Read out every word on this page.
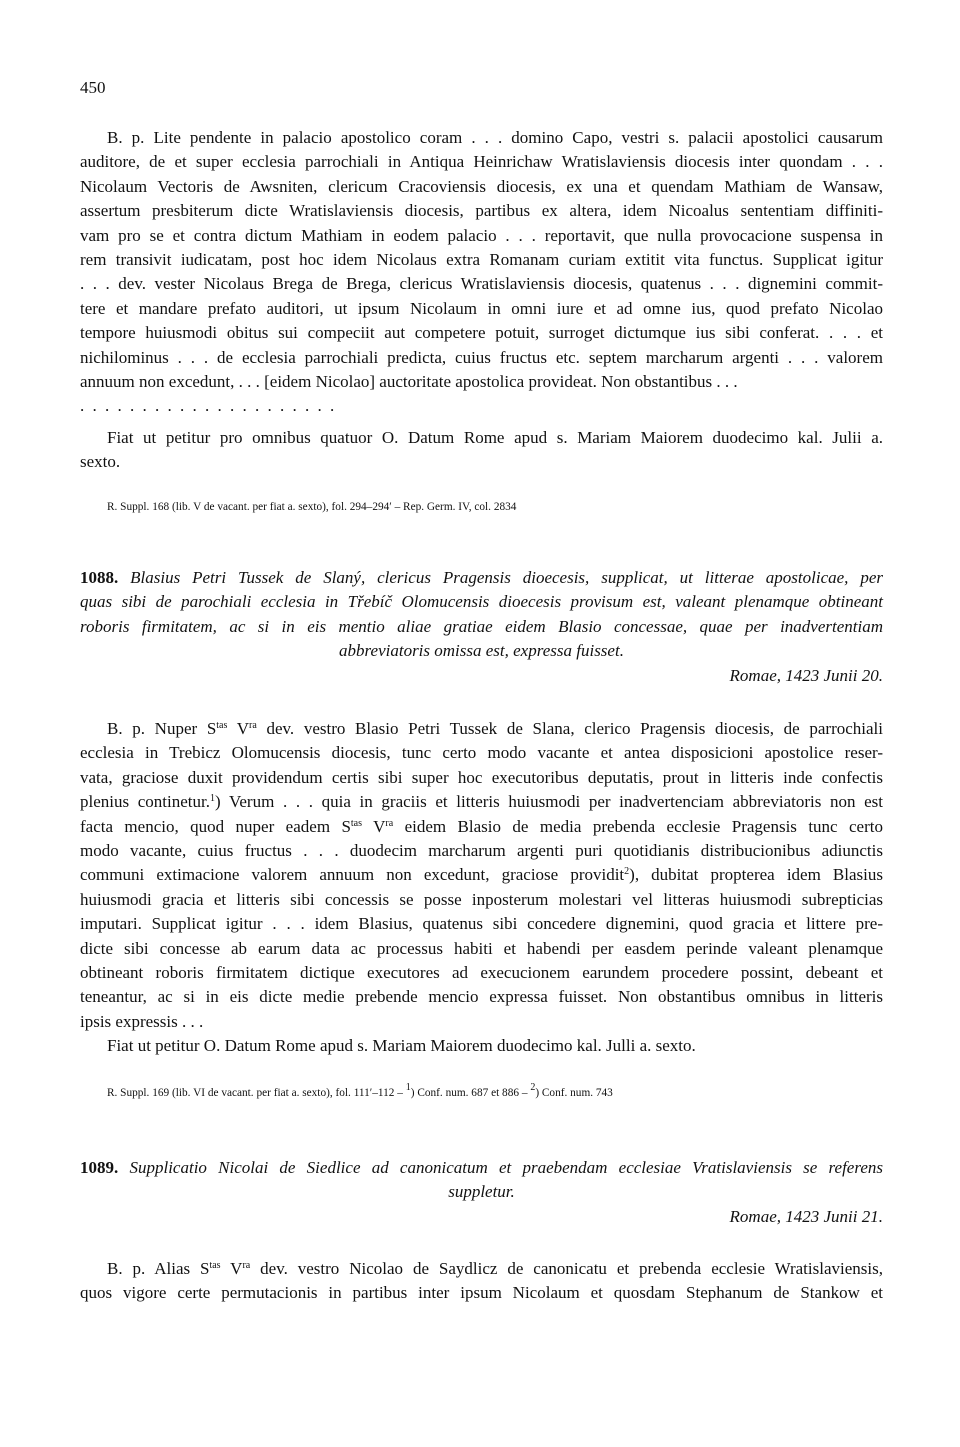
450

B. p. Lite pendente in palacio apostolico coram . . . domino Capo, vestri s. palacii apostolici causarum

auditore, de et super ecclesia parrochiali in Antiqua Heinrichaw Wratislaviensis diocesis inter quondam . . .

Nicolaum Vectoris de Awsniten, clericum Cracoviensis diocesis, ex una et quendam Mathiam de Wansaw,

assertum presbiterum dicte Wratislaviensis diocesis, partibus ex altera, idem Nicoalus sententiam diffiniti-

vam pro se et contra dictum Mathiam in eodem palacio . . . reportavit, que nulla provocacione suspensa in

rem transivit iudicatam, post hoc idem Nicolaus extra Romanam curiam extitit vita functus. Supplicat igitur

. . . dev. vester Nicolaus Brega de Brega, clericus Wratislaviensis diocesis, quatenus . . . dignemini commit-

tere et mandare prefato auditori, ut ipsum Nicolaum in omni iure et ad omne ius, quod prefato Nicolao

tempore huiusmodi obitus sui compeciit aut competere potuit, surroget dictumque ius sibi conferat. . . . et

nichilominus . . . de ecclesia parrochiali predicta, cuius fructus etc. septem marcharum argenti . . . valorem

annuum non excedunt, . . . [eidem Nicolao] auctoritate apostolica provideat. Non obstantibus . . .

. . . . . . . . . . . . . . . . . . . . .

Fiat ut petitur pro omnibus quatuor O. Datum Rome apud s. Mariam Maiorem duodecimo kal. Julii a.

sexto.

R. Suppl. 168 (lib. V de vacant. per fiat a. sexto), fol. 294–294′ – Rep. Germ. IV, col. 2834

1088. Blasius Petri Tussek de Slaný, clericus Pragensis dioecesis, supplicat, ut litterae apostolicae, per

quas sibi de parochiali ecclesia in Třebíč Olomucensis dioecesis provisum est, valeant plenamque obtineant

roboris firmitatem, ac si in eis mentio aliae gratiae eidem Blasio concessae, quae per inadvertentiam

abbreviatoris omissa est, expressa fuisset.

Romae, 1423 Junii 20.

B. p. Nuper $S^{tas}$ $V^{ra}$ dev. vestro Blasio Petri Tussek de Slana, clerico Pragensis diocesis, de parrochiali

ecclesia in Trebicz Olomucensis diocesis, tunc certo modo vacante et antea disposicioni apostolice reser-

vata, graciose duxit providendum certis sibi super hoc executoribus deputatis, prout in litteris inde confectis

plenius continetur.$^1$) Verum . . . quia in graciis et litteris huiusmodi per inadvertenciam abbreviatoris non est

facta mencio, quod nuper eadem $S^{tas}$ $V^{ra}$ eidem Blasio de media prebenda ecclesie Pragensis tunc certo

modo vacante, cuius fructus . . . duodecim marcharum argenti puri quotidianis distribucionibus adiunctis

communi extimacione valorem annuum non excedunt, graciose providit$^2$), dubitat propterea idem Blasius

huiusmodi gracia et litteris sibi concessis se posse inposterum molestari vel litteras huiusmodi subrepticias

imputari. Supplicat igitur . . . idem Blasius, quatenus sibi concedere dignemini, quod gracia et littere pre-

dicte sibi concesse ab earum data ac processus habiti et habendi per easdem perinde valeant plenamque

obtineant roboris firmitatem dictique executores ad execucionem earundem procedere possint, debeant et

teneantur, ac si in eis dicte medie prebende mencio expressa fuisset. Non obstantibus omnibus in litteris

ipsis expressis . . .

Fiat ut petitur O. Datum Rome apud s. Mariam Maiorem duodecimo kal. Julli a. sexto.

R. Suppl. 169 (lib. VI de vacant. per fiat a. sexto), fol. 111′–112 – $^1$) Conf. num. 687 et 886 – $^2$) Conf. num. 743

1089. Supplicatio Nicolai de Siedlice ad canonicatum et praebendam ecclesiae Vratislaviensis se referens

suppletur.

Romae, 1423 Junii 21.

B. p. Alias $S^{tas}$ $V^{ra}$ dev. vestro Nicolao de Saydlicz de canonicatu et prebenda ecclesie Wratislaviensis,

quos vigore certe permutacionis in partibus inter ipsum Nicolaum et quosdam Stephanum de Stankow et
